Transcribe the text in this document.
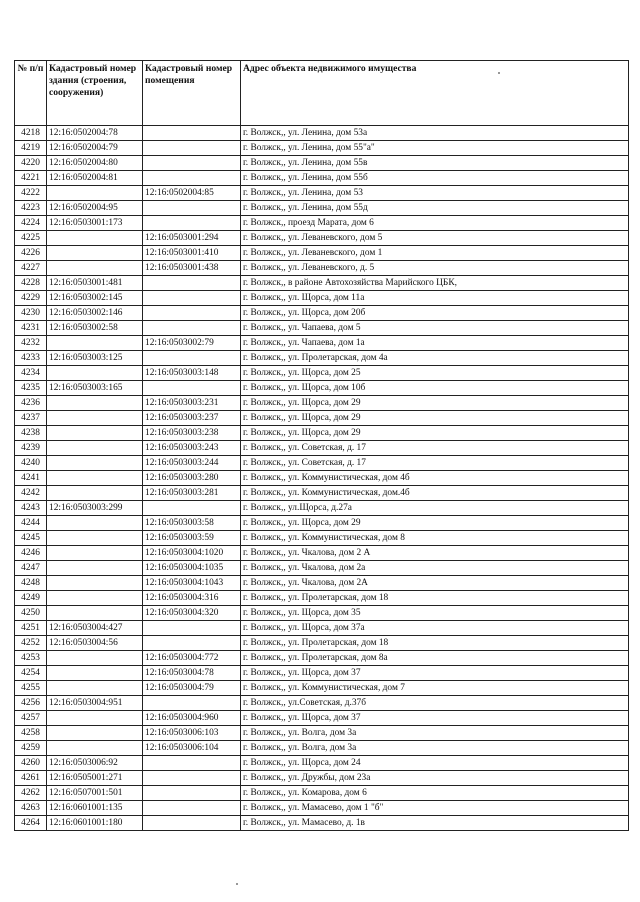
№ п/п	Кадастровый номер здания (строения, сооружения)	Кадастровый номер помещения	Адрес объекта недвижимого имущества
4218	12:16:0502004:78		г. Волжск,, ул. Ленина, дом 53а
4219	12:16:0502004:79		г. Волжск,, ул. Ленина, дом 55"а"
4220	12:16:0502004:80		г. Волжск,, ул. Ленина, дом 55в
4221	12:16:0502004:81		г. Волжск,, ул. Ленина, дом 55б
4222		12:16:0502004:85	г. Волжск,, ул. Ленина, дом 53
4223	12:16:0502004:95		г. Волжск,, ул. Ленина, дом 55д
4224	12:16:0503001:173		г. Волжск,, проезд Марата, дом 6
4225		12:16:0503001:294	г. Волжск,, ул. Леваневского, дом 5
4226		12:16:0503001:410	г. Волжск,, ул. Леваневского, дом 1
4227		12:16:0503001:438	г. Волжск,, ул. Леваневского, д. 5
4228	12:16:0503001:481		г. Волжск,, в районе Автохозяйства Марийского ЦБК,
4229	12:16:0503002:145		г. Волжск,, ул. Щорса, дом 11а
4230	12:16:0503002:146		г. Волжск,, ул. Щорса, дом 20б
4231	12:16:0503002:58		г. Волжск,, ул. Чапаева, дом 5
4232		12:16:0503002:79	г. Волжск,, ул. Чапаева, дом 1а
4233	12:16:0503003:125		г. Волжск,, ул. Пролетарская, дом 4а
4234		12:16:0503003:148	г. Волжск,, ул. Щорса, дом 25
4235	12:16:0503003:165		г. Волжск,, ул. Щорса, дом 10б
4236		12:16:0503003:231	г. Волжск,, ул. Щорса, дом 29
4237		12:16:0503003:237	г. Волжск,, ул. Щорса, дом 29
4238		12:16:0503003:238	г. Волжск,, ул. Щорса, дом 29
4239		12:16:0503003:243	г. Волжск,, ул. Советская, д. 17
4240		12:16:0503003:244	г. Волжск,, ул. Советская, д. 17
4241		12:16:0503003:280	г. Волжск,, ул. Коммунистическая, дом 4б
4242		12:16:0503003:281	г. Волжск,, ул. Коммунистическая, дом.4б
4243	12:16:0503003:299		г. Волжск,, ул.Щорса, д.27а
4244		12:16:0503003:58	г. Волжск,, ул. Щорса, дом 29
4245		12:16:0503003:59	г. Волжск,, ул. Коммунистическая, дом 8
4246		12:16:0503004:1020	г. Волжск,, ул. Чкалова, дом 2 А
4247		12:16:0503004:1035	г. Волжск,, ул. Чкалова, дом 2а
4248		12:16:0503004:1043	г. Волжск,, ул. Чкалова, дом 2А
4249		12:16:0503004:316	г. Волжск,, ул. Пролетарская, дом 18
4250		12:16:0503004:320	г. Волжск,, ул. Щорса, дом 35
4251	12:16:0503004:427		г. Волжск,, ул. Щорса, дом 37а
4252	12:16:0503004:56		г. Волжск,, ул. Пролетарская, дом 18
4253		12:16:0503004:772	г. Волжск,, ул. Пролетарская, дом 8а
4254		12:16:0503004:78	г. Волжск,, ул. Щорса, дом 37
4255		12:16:0503004:79	г. Волжск,, ул. Коммунистическая, дом 7
4256	12:16:0503004:951		г. Волжск,, ул.Советская, д.37б
4257		12:16:0503004:960	г. Волжск,, ул. Щорса, дом 37
4258		12:16:0503006:103	г. Волжск,, ул. Волга, дом 3а
4259		12:16:0503006:104	г. Волжск,, ул. Волга, дом 3а
4260	12:16:0503006:92		г. Волжск,, ул. Щорса, дом 24
4261	12:16:0505001:271		г. Волжск,, ул. Дружбы, дом 23а
4262	12:16:0507001:501		г. Волжск,, ул. Комарова, дом 6
4263	12:16:0601001:135		г. Волжск,, ул. Мамасево, дом 1 "б"
4264	12:16:0601001:180		г. Волжск,, ул. Мамасево, д. 1в
